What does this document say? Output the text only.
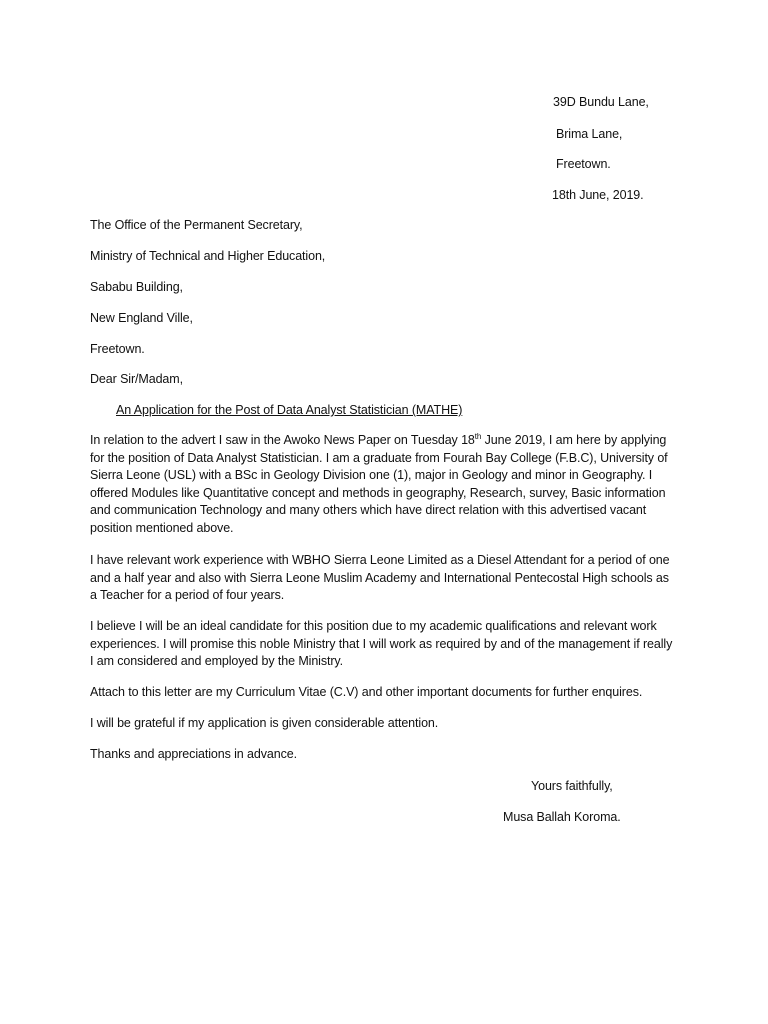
39D Bundu Lane,
Brima Lane,
Freetown.
18th June, 2019.
The Office of the Permanent Secretary,
Ministry of Technical and Higher Education,
Sababu Building,
New England Ville,
Freetown.
Dear Sir/Madam,
An Application for the Post of Data Analyst Statistician (MATHE)
In relation to the advert I saw in the Awoko News Paper on Tuesday 18th June 2019, I am here by applying for the position of Data Analyst Statistician. I am a graduate from Fourah Bay College (F.B.C), University of Sierra Leone (USL) with a BSc in Geology Division one (1), major in Geology and minor in Geography. I offered Modules like Quantitative concept and methods in geography, Research, survey, Basic information and communication Technology and many others which have direct relation with this advertised vacant position mentioned above.
I have relevant work experience with WBHO Sierra Leone Limited as a Diesel Attendant for a period of one and a half year and also with Sierra Leone Muslim Academy and International Pentecostal High schools as a Teacher for a period of four years.
I believe I will be an ideal candidate for this position due to my academic qualifications and relevant work experiences. I will promise this noble Ministry that I will work as required by and of the management if really I am considered and employed by the Ministry.
Attach to this letter are my Curriculum Vitae (C.V) and other important documents for further enquires.
I will be grateful if my application is given considerable attention.
Thanks and appreciations in advance.
Yours faithfully,
Musa Ballah Koroma.
